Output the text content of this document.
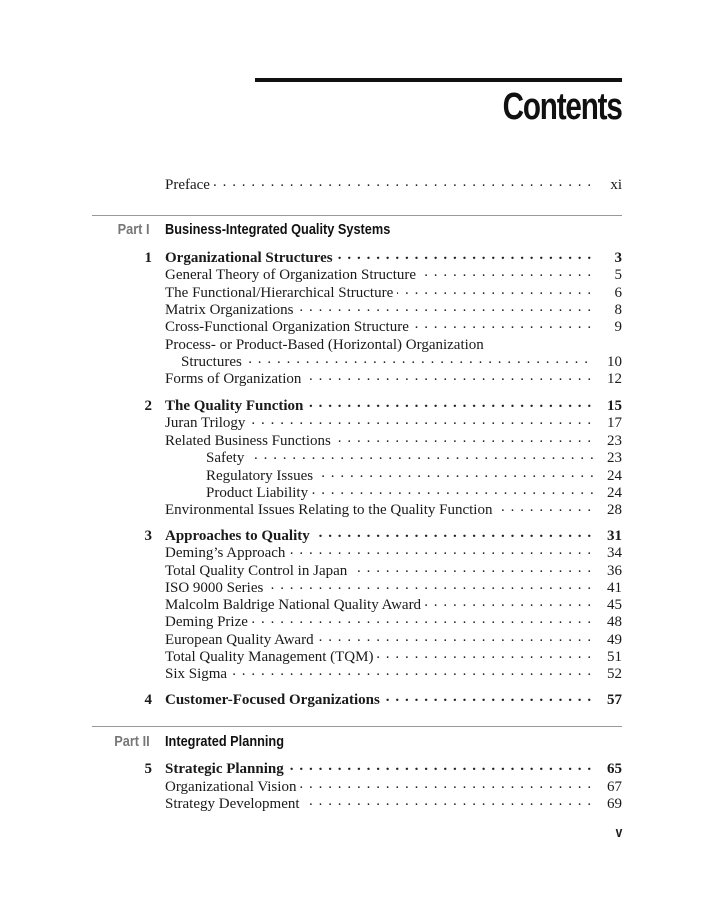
Contents
. . .
Preface	xi
Part I Business-Integrated Quality Systems
1 . . . Organizational Structures	3
. . .
General Theory of Organization Structure	5
. . .
The Functional/Hierarchical Structure	6
. . .
Matrix Organizations	8
. . .
Cross-Functional Organization Structure	9
Process- or Product-Based (Horizontal) Organization
. . .
Structures	10
. . .
Forms of Organization	12
2 . . . The Quality Function	15
. . .
Juran Trilogy	17
. . .
Related Business Functions	23
. . .
Safety	23
. . .
Regulatory Issues	24
. . .
Product Liability	24
. . .
Environmental Issues Relating to the Quality Function	28
3 . . . Approaches to Quality	31
. . .
Deming’s Approach	34
. . .
Total Quality Control in Japan	36
. . .
ISO 9000 Series	41
. . .
Malcolm Baldrige National Quality Award	45
. . .
Deming Prize	48
. . .
European Quality Award	49
. . .
Total Quality Management (TQM)	51
. . .
Six Sigma	52
4 . . . Customer-Focused Organizations	57
Part II Integrated Planning
5 . . . Strategic Planning	65
. . .
Organizational Vision	67
. . .
Strategy Development	69
v
